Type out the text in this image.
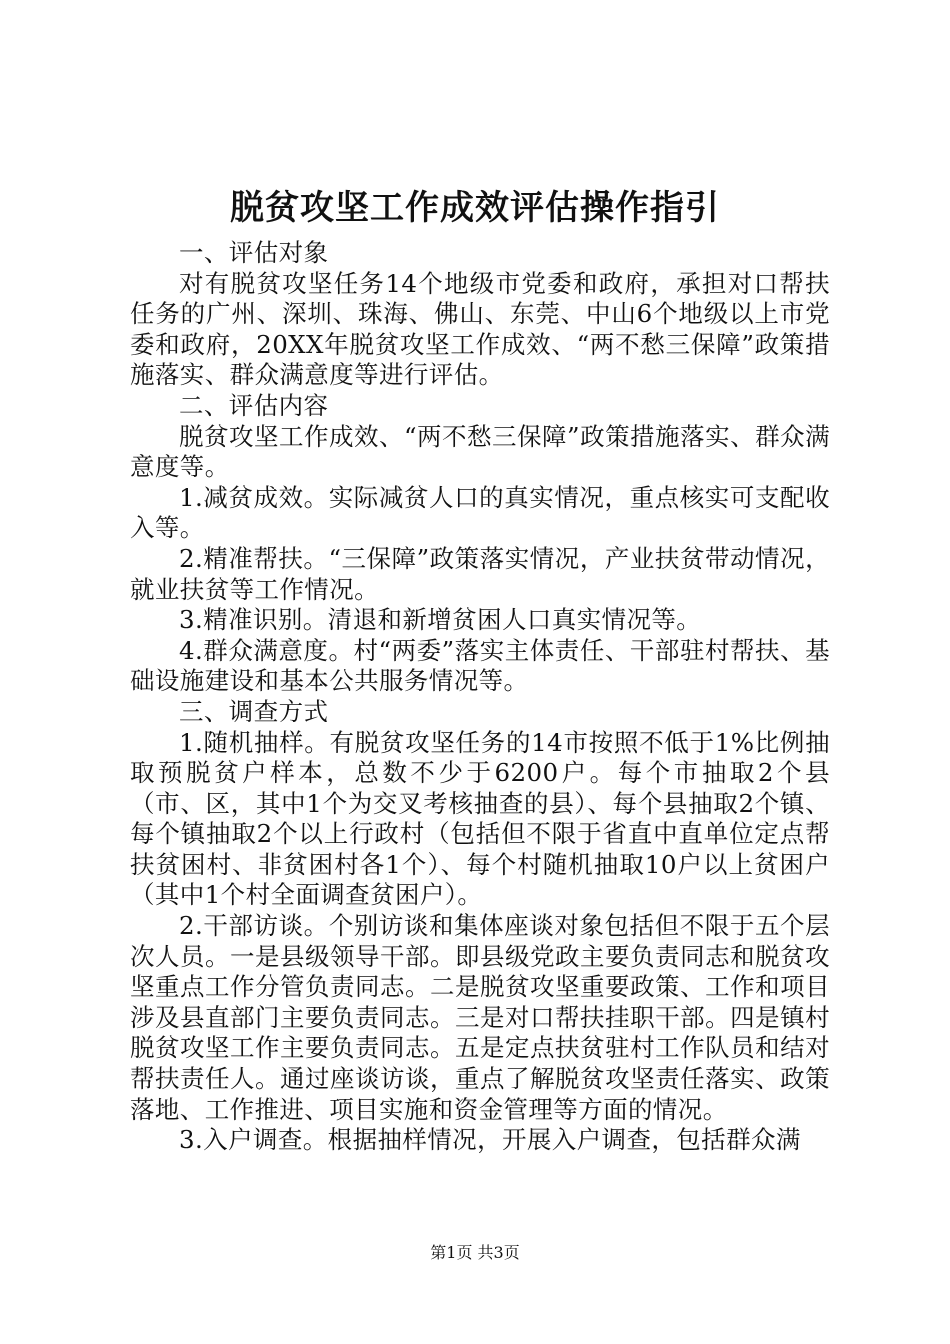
脱贫攻坚工作成效评估操作指引

一、评估对象

对有脱贫攻坚任务14个地级市党委和政府，承担对口帮扶任务的广州、深圳、珠海、佛山、东莞、中山6个地级以上市党委和政府，20XX年脱贫攻坚工作成效、“两不愁三保障”政策措施落实、群众满意度等进行评估。

二、评估内容

脱贫攻坚工作成效、“两不愁三保障”政策措施落实、群众满意度等。

1.减贫成效。实际减贫人口的真实情况，重点核实可支配收入等。

2.精准帮扶。“三保障”政策落实情况，产业扶贫带动情况，就业扶贫等工作情况。

3.精准识别。清退和新增贫困人口真实情况等。

4.群众满意度。村“两委”落实主体责任、干部驻村帮扶、基础设施建设和基本公共服务情况等。

三、调查方式

1.随机抽样。有脱贫攻坚任务的14市按照不低于1%比例抽取预脱贫户样本，总数不少于6200户。每个市抽取2个县（市、区，其中1个为交叉考核抽查的县）、每个县抽取2个镇、每个镇抽取2个以上行政村（包括但不限于省直中直单位定点帮扶贫困村、非贫困村各1个）、每个村随机抽取10户以上贫困户（其中1个村全面调查贫困户）。

2.干部访谈。个别访谈和集体座谈对象包括但不限于五个层次人员。一是县级领导干部。即县级党政主要负责同志和脱贫攻坚重点工作分管负责同志。二是脱贫攻坚重要政策、工作和项目涉及县直部门主要负责同志。三是对口帮扶挂职干部。四是镇村脱贫攻坚工作主要负责同志。五是定点扶贫驻村工作队员和结对帮扶责任人。通过座谈访谈，重点了解脱贫攻坚责任落实、政策落地、工作推进、项目实施和资金管理等方面的情况。

3.入户调查。根据抽样情况，开展入户调查，包括群众满

第1页 共3页
